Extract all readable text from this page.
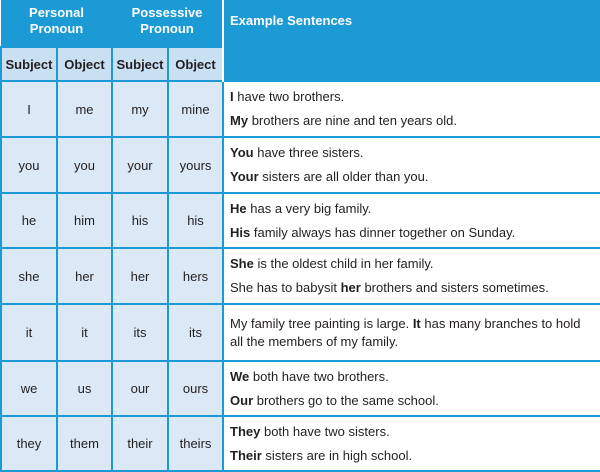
Personal Pronoun		Possessive Pronoun		Example Sentences
Subject	Object	Subject	Object	
I	me	my	mine	I have two brothers.

My brothers are nine and ten years old.

you	you	your	yours	You have three sisters.

Your sisters are all older than you.

he	him	his	his	He has a very big family.

His family always has dinner together on Sunday.

she	her	her	hers	She is the oldest child in her family.

She has to babysit her brothers and sisters sometimes.

it	it	its	its	My family tree painting is large. It has many branches to hold all the members of my family.

we	us	our	ours	We both have two brothers.

Our brothers go to the same school.

they	them	their	theirs	They both have two sisters.

Their sisters are in high school.
